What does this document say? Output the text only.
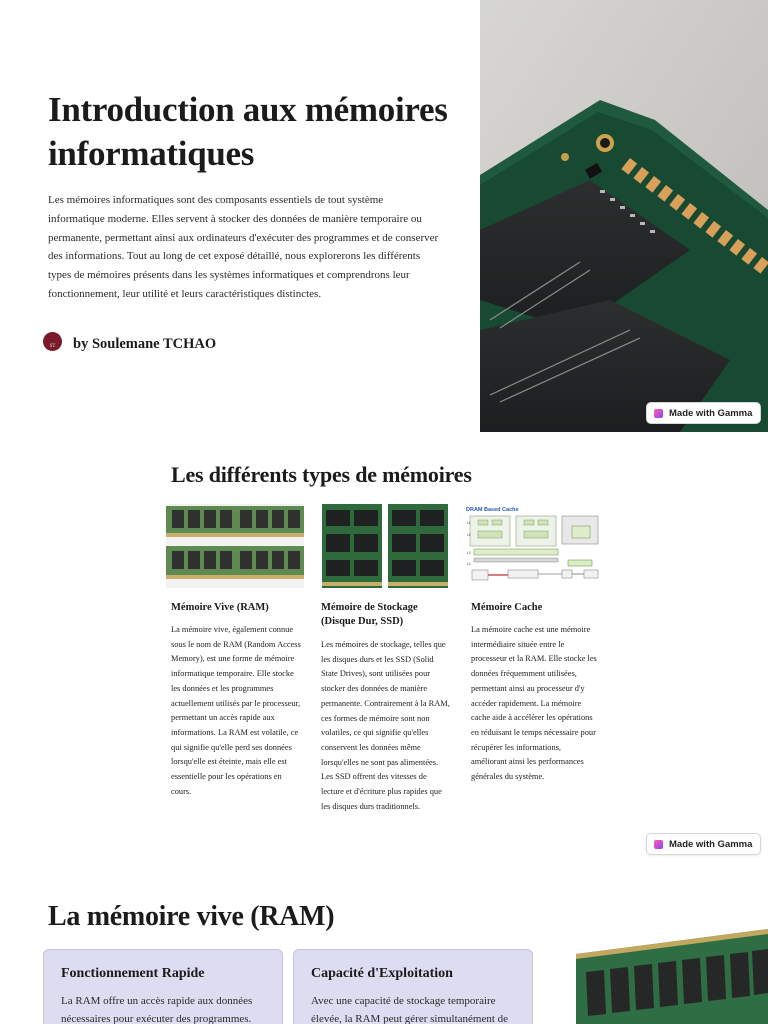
Introduction aux mémoires informatiques

Les mémoires informatiques sont des composants essentiels de tout système informatique moderne. Elles servent à stocker des données de manière temporaire ou permanente, permettant ainsi aux ordinateurs d'exécuter des programmes et de conserver des informations. Tout au long de cet exposé détaillé, nous explorerons les différents types de mémoires présents dans les systèmes informatiques et comprendrons leur fonctionnement, leur utilité et leurs caractéristiques distinctes.

ST by Soulemane TCHAO
Made with Gamma
Les différents types de mémoires
DRAM Based Cache
L1
L2
L3
L4
Mémoire Vive (RAM)

La mémoire vive, également connue sous le nom de RAM (Random Access Memory), est une forme de mémoire informatique temporaire. Elle stocke les données et les programmes actuellement utilisés par le processeur, permettant un accès rapide aux informations. La RAM est volatile, ce qui signifie qu'elle perd ses données lorsqu'elle est éteinte, mais elle est essentielle pour les opérations en cours.

Mémoire de Stockage (Disque Dur, SSD)

Les mémoires de stockage, telles que les disques durs et les SSD (Solid State Drives), sont utilisées pour stocker des données de manière permanente. Contrairement à la RAM, ces formes de mémoire sont non volatiles, ce qui signifie qu'elles conservent les données même lorsqu'elles ne sont pas alimentées. Les SSD offrent des vitesses de lecture et d'écriture plus rapides que les disques durs traditionnels.

Mémoire Cache

La mémoire cache est une mémoire intermédiaire située entre le processeur et la RAM. Elle stocke les données fréquemment utilisées, permettant ainsi au processeur d'y accéder rapidement. La mémoire cache aide à accélérer les opérations en réduisant le temps nécessaire pour récupérer les informations, améliorant ainsi les performances générales du système.

Made with Gamma
La mémoire vive (RAM)
Fonctionnement Rapide
La RAM offre un accès rapide aux données nécessaires pour exécuter des programmes.
Capacité d'Exploitation
Avec une capacité de stockage temporaire élevée, la RAM peut gérer simultanément de
